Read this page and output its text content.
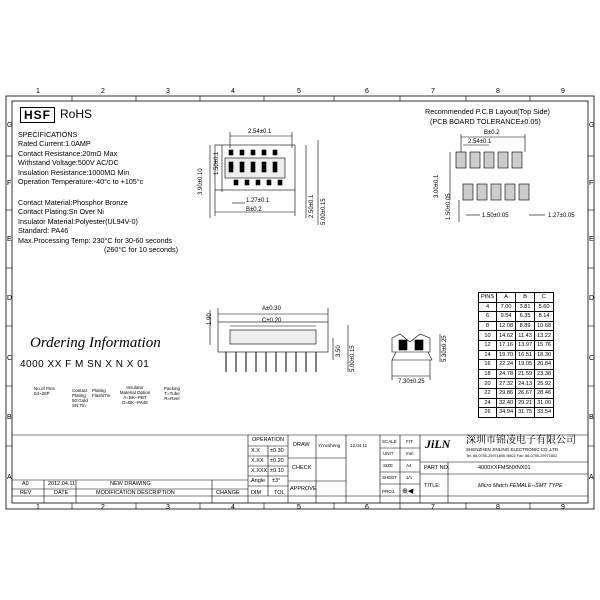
1	2	3	4	5	6	7	8	9
1	2	3	4	5	6	7	8	9
G
F
E
D
C
B
A
G
F
E
D
C
B
A
HSF RoHS
SPECIFICATIONS
Rated Current:1.0AMP
Contact Resistance:20mΩ Max
Withstand Voltage:500V AC/DC
Insulation Resistance:1000MΩ Min
Operation Temperature:-40°c to +105°c
Contact Material:Phosphor Bronze
Contact Plating:Sn Over Ni
Insulator Material:Polyester(UL94V-0)
Standard: PA46
Max.Processing Temp: 230°C for 30-60 seconds
(260°C for 10 seconds)
Ordering Information
4000 XX F M SN X N X 01
No.of Pins 04~26P
Contact Plating 50:Gold SN:Tin
Plating Flash/Tin
Insulator Material Option A=BK--PBT D=BK--PA46
Packing T=Tube R=Reel
Recommended P.C.B Layout(Top Side)
(PCB BOARD TOLERANCE±0.05)
2.54±0.1
1.27±0.1
B±0.2
3.90±0.10
1.50±0.1
2.50±0.1 5.00±0.15
B±0.2
2.54±0.1
3.00±0.1
1.50±0.05	1.50±0.05	1.27±0.05
A±0.30
C±0.20
1.90
3.50 5.00±0.15	5.30±0.25
7.30±0.25
PINS	A	B	C
4	7.00	3.81	5.60
6	9.54	6.35	8.14
8	12.08	8.89	10.68
10	14.62	11.43	13.22
12	17.16	13.97	15.76
14	19.70	16.51	18.30
16	22.24	19.05	20.84
18	24.78	21.59	23.38
20	27.32	24.13	25.92
22	29.86	26.67	28.46
24	32.40	29.21	31.00
26	34.94	31.75	33.54
A0	2012.04.11	NEW DRAWING
REV	DATE	MODIFICATION DESCRIPTION	CHANGE DIM TOL
OPERATION
X.X ±0.30
X.XX ±0.20
X.XXX ±0.10
Angle ±3°
DRAW YiYuSheng 12.04.11
CHECK
APPROVE
SCALE FIT
UNIT	mm
SIZE	A4
SHEET 1/1
PROJ. ⊕◀
JiLN 深圳市锦凌电子有限公司
SHENZHEN JINLING ELECTRONIC CO.,LTD
Tel: 86-0755-29971806 /5802 Fax: 86-0755-29971802
PART NO.	4000XXFMSNXNX01
TITLE:	Micro Match FEMALE--SMT TYPE
